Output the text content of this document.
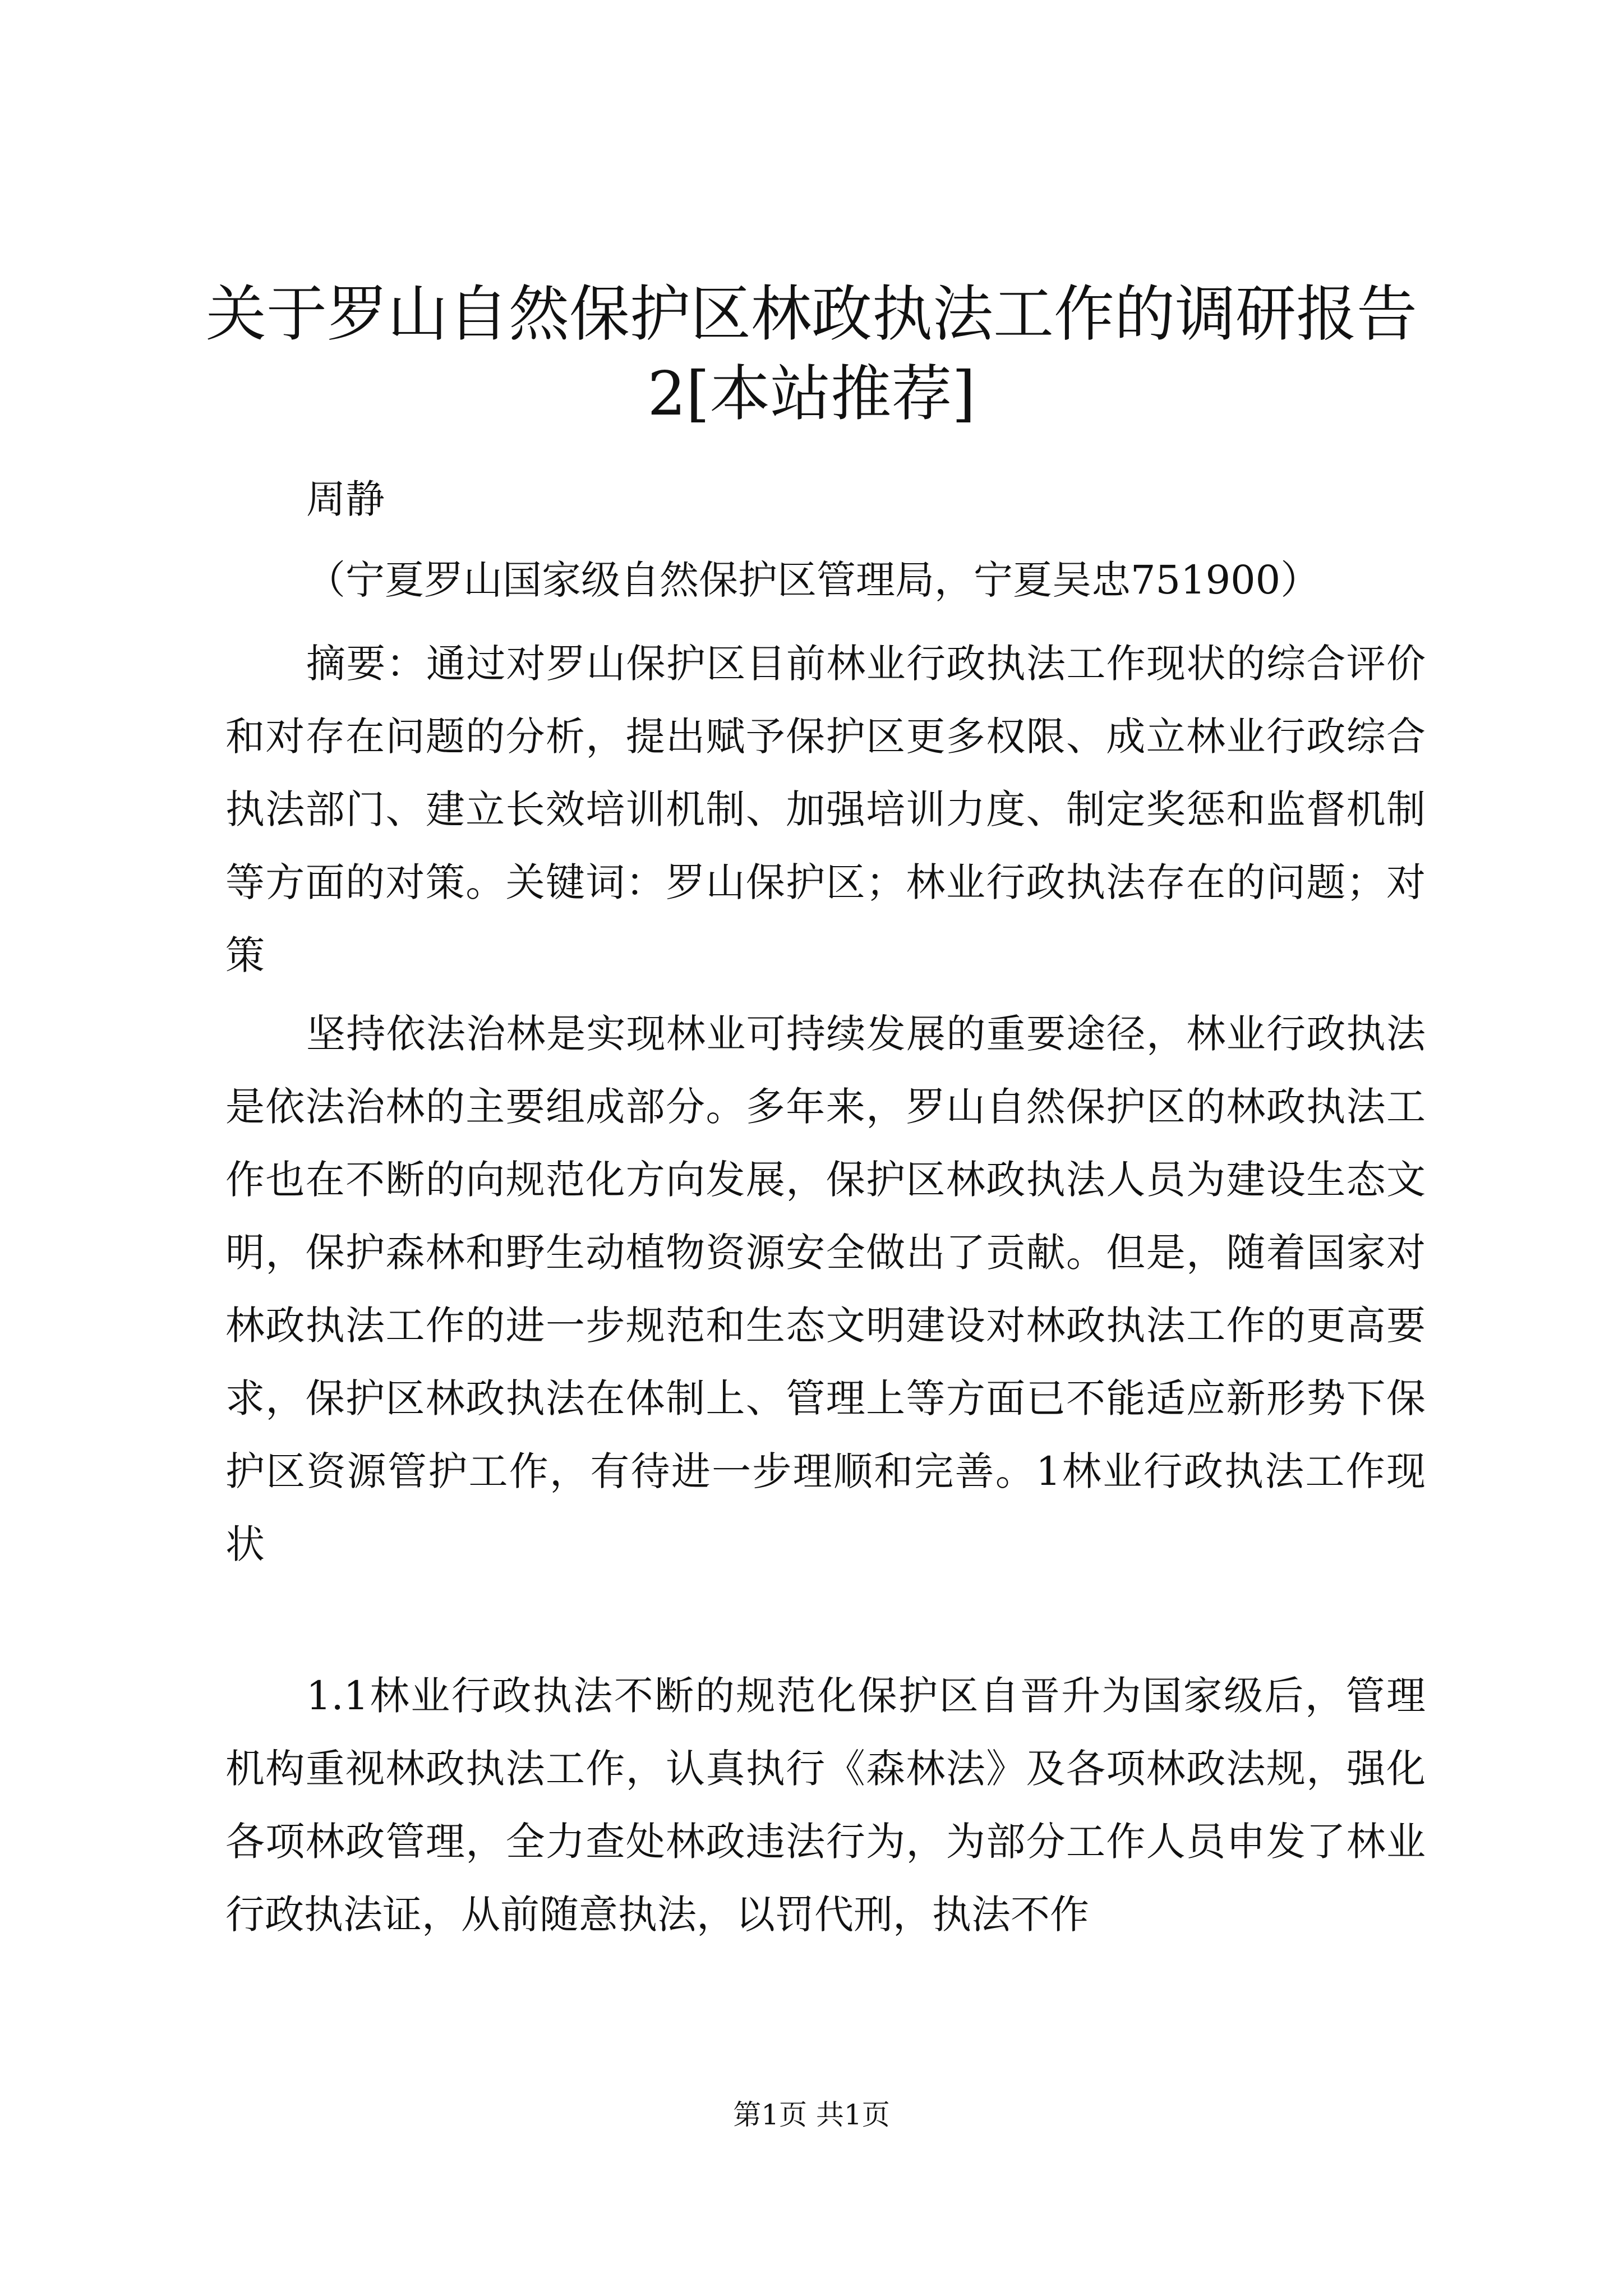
关于罗山自然保护区林政执法工作的调研报告2[本站推荐]

周静

（宁夏罗山国家级自然保护区管理局，宁夏吴忠751900）

摘要：通过对罗山保护区目前林业行政执法工作现状的综合评价和对存在问题的分析，提出赋予保护区更多权限、成立林业行政综合执法部门、建立长效培训机制、加强培训力度、制定奖惩和监督机制等方面的对策。关键词：罗山保护区；林业行政执法存在的问题；对策

坚持依法治林是实现林业可持续发展的重要途径，林业行政执法是依法治林的主要组成部分。多年来，罗山自然保护区的林政执法工作也在不断的向规范化方向发展，保护区林政执法人员为建设生态文明，保护森林和野生动植物资源安全做出了贡献。但是，随着国家对林政执法工作的进一步规范和生态文明建设对林政执法工作的更高要求，保护区林政执法在体制上、管理上等方面已不能适应新形势下保护区资源管护工作，有待进一步理顺和完善。1林业行政执法工作现状

1.1林业行政执法不断的规范化保护区自晋升为国家级后，管理机构重视林政执法工作，认真执行《森林法》及各项林政法规，强化各项林政管理，全力查处林政违法行为，为部分工作人员申发了林业行政执法证，从前随意执法，以罚代刑，执法不作

第1页 共1页
